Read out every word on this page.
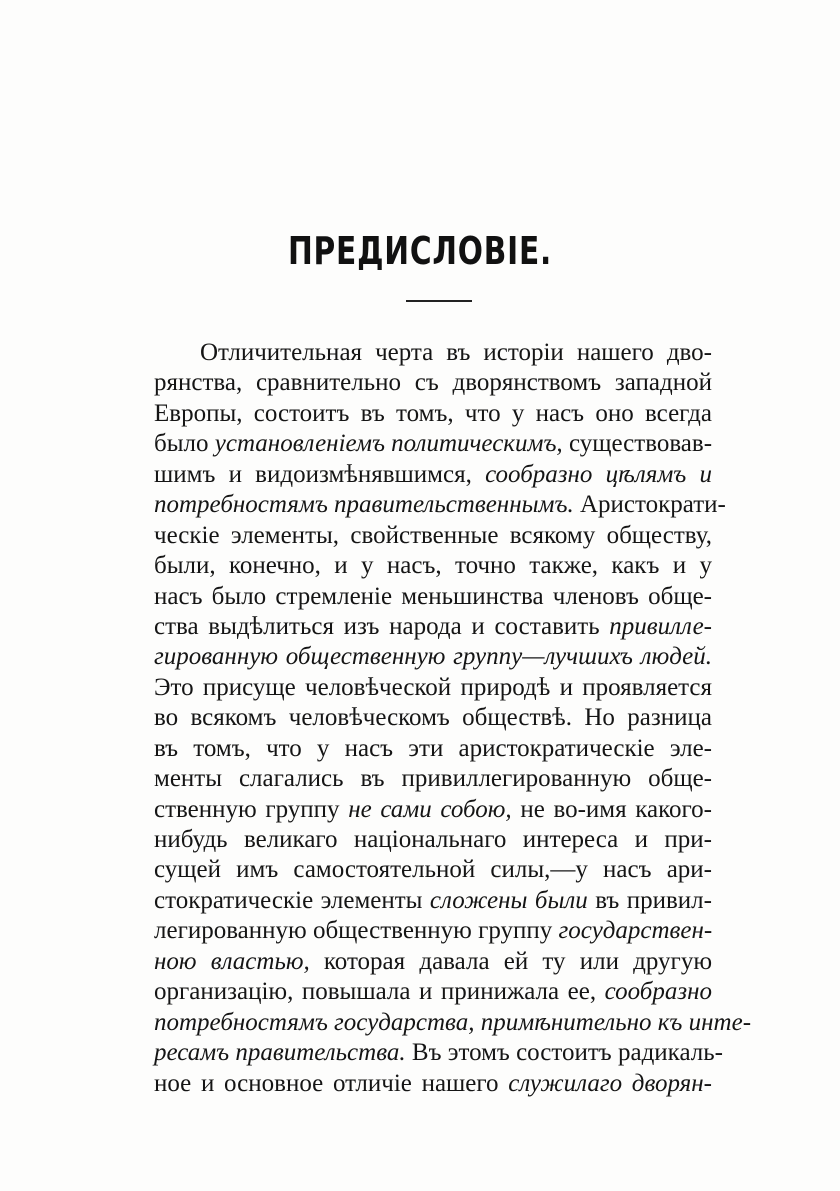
ПРЕДИСЛОВІЕ.
Отличительная черта въ исторіи нашего дво-
рянства, сравнительно съ дворянствомъ западной
Европы, состоитъ въ томъ, что у насъ оно всегда
было установленіемъ политическимъ, существовав-
шимъ и видоизмѣнявшимся, сообразно цѣлямъ и
потребностямъ правительственнымъ. Аристократи-
ческіе элементы, свойственные всякому обществу,
были, конечно, и у насъ, точно также, какъ и у
насъ было стремленіе меньшинства членовъ обще-
ства выдѣлиться изъ народа и составить привилле-
гированную общественную группу—лучшихъ людей.
Это присуще человѣческой природѣ и проявляется
во всякомъ человѣческомъ обществѣ. Но разница
въ томъ, что у насъ эти аристократическіе эле-
менты слагались въ привиллегированную обще-
ственную группу не сами собою, не во-имя какого-
нибудь великаго національнаго интереса и при-
сущей имъ самостоятельной силы,—у насъ ари-
стократическіе элементы сложены были въ привил-
легированную общественную группу государствен-
ною властью, которая давала ей ту или другую
организацію, повышала и принижала ее, сообразно
потребностямъ государства, примѣнительно къ инте-
ресамъ правительства. Въ этомъ состоитъ радикаль-
ное и основное отличіе нашего служилаго дворян-
